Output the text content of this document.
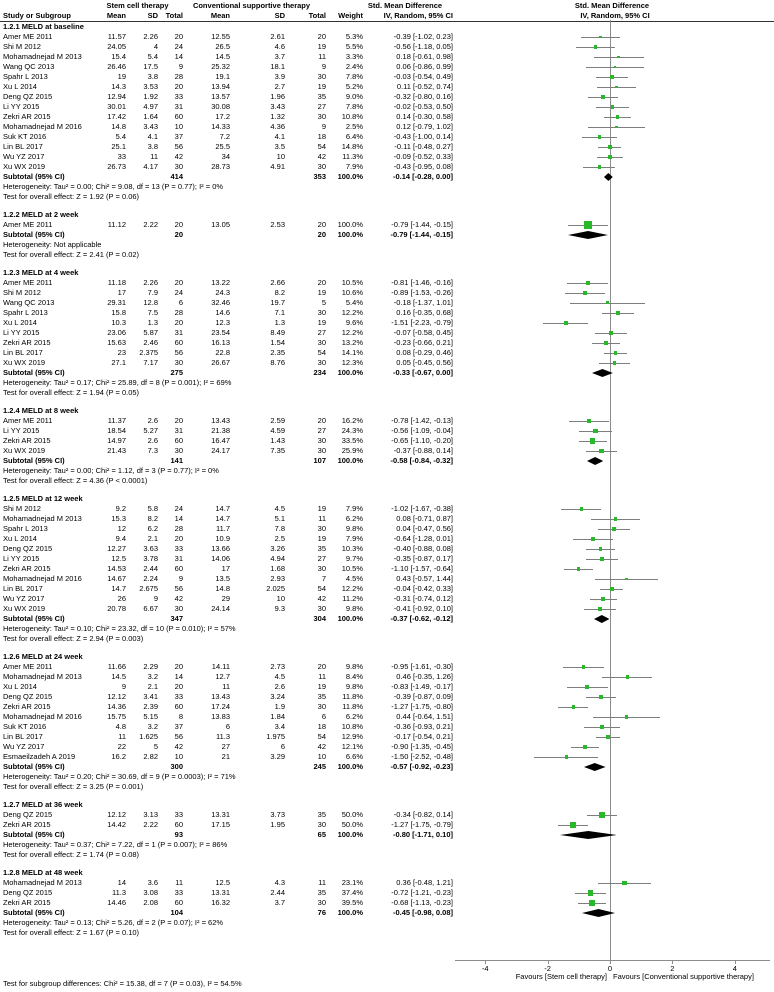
Stem cell therapy	Conventional supportive therapy	Std. Mean Difference	Std. Mean Difference
Study or Subgroup	Mean	SD	Total	Mean	SD	Total	Weight	IV, Random, 95% CI	IV, Random, 95% CI
1.2.1 MELD at baseline
Amer ME 2011	11.57	2.26	20	12.55	2.61	20	5.3%	-0.39 [-1.02, 0.23]
Shi M 2012	24.05	4	24	26.5	4.6	19	5.5%	-0.56 [-1.18, 0.05]
Mohamadnejad M 2013	15.4	5.4	14	14.5	3.7	11	3.3%	0.18 [-0.61, 0.98]
Wang QC 2013	26.46	17.5	9	25.32	18.1	9	2.4%	0.06 [-0.86, 0.99]
Spahr L 2013	19	3.8	28	19.1	3.9	30	7.8%	-0.03 [-0.54, 0.49]
Xu L 2014	14.3	3.53	20	13.94	2.7	19	5.2%	0.11 [-0.52, 0.74]
Deng QZ 2015	12.94	1.92	33	13.57	1.96	35	9.0%	-0.32 [-0.80, 0.16]
Li YY 2015	30.01	4.97	31	30.08	3.43	27	7.8%	-0.02 [-0.53, 0.50]
Zekri AR 2015	17.42	1.64	60	17.2	1.32	30	10.8%	0.14 [-0.30, 0.58]
Mohamadnejad M 2016	14.8	3.43	10	14.33	4.36	9	2.5%	0.12 [-0.79, 1.02]
Suk KT 2016	5.4	4.1	37	7.2	4.1	18	6.4%	-0.43 [-1.00, 0.14]
Lin BL 2017	25.1	3.8	56	25.5	3.5	54	14.8%	-0.11 [-0.48, 0.27]
Wu YZ 2017	33	11	42	34	10	42	11.3%	-0.09 [-0.52, 0.33]
Xu WX 2019	26.73	4.17	30	28.73	4.91	30	7.9%	-0.43 [-0.95, 0.08]
Subtotal (95% CI)	414	353	100.0%	-0.14 [-0.28, 0.00]
Heterogeneity: Tau² = 0.00; Chi² = 9.08, df = 13 (P = 0.77); I² = 0%
Test for overall effect: Z = 1.92 (P = 0.06)
1.2.2 MELD at 2 week
Amer ME 2011	11.12	2.22	20	13.05	2.53	20	100.0%	-0.79 [-1.44, -0.15]
Subtotal (95% CI)	20	20	100.0%	-0.79 [-1.44, -0.15]
Heterogeneity: Not applicable
Test for overall effect: Z = 2.41 (P = 0.02)
1.2.3 MELD at 4 week
Amer ME 2011	11.18	2.26	20	13.22	2.66	20	10.5%	-0.81 [-1.46, -0.16]
Shi M 2012	17	7.9	24	24.3	8.2	19	10.6%	-0.89 [-1.53, -0.26]
Wang QC 2013	29.31	12.8	6	32.46	19.7	5	5.4%	-0.18 [-1.37, 1.01]
Spahr L 2013	15.8	7.5	28	14.6	7.1	30	12.2%	0.16 [-0.35, 0.68]
Xu L 2014	10.3	1.3	20	12.3	1.3	19	9.6%	-1.51 [-2.23, -0.79]
Li YY 2015	23.06	5.87	31	23.54	8.49	27	12.2%	-0.07 [-0.58, 0.45]
Zekri AR 2015	15.63	2.46	60	16.13	1.54	30	13.2%	-0.23 [-0.66, 0.21]
Lin BL 2017	23	2.375	56	22.8	2.35	54	14.1%	0.08 [-0.29, 0.46]
Xu WX 2019	27.1	7.17	30	26.67	8.76	30	12.3%	0.05 [-0.45, 0.56]
Subtotal (95% CI)	275	234	100.0%	-0.33 [-0.67, 0.00]
Heterogeneity: Tau² = 0.17; Chi² = 25.89, df = 8 (P = 0.001); I² = 69%
Test for overall effect: Z = 1.94 (P = 0.05)
1.2.4 MELD at 8 week
Amer ME 2011	11.37	2.6	20	13.43	2.59	20	16.2%	-0.78 [-1.42, -0.13]
Li YY 2015	18.54	5.27	31	21.38	4.59	27	24.3%	-0.56 [-1.09, -0.04]
Zekri AR 2015	14.97	2.6	60	16.47	1.43	30	33.5%	-0.65 [-1.10, -0.20]
Xu WX 2019	21.43	7.3	30	24.17	7.35	30	25.9%	-0.37 [-0.88, 0.14]
Subtotal (95% CI)	141	107	100.0%	-0.58 [-0.84, -0.32]
Heterogeneity: Tau² = 0.00; Chi² = 1.12, df = 3 (P = 0.77); I² = 0%
Test for overall effect: Z = 4.36 (P < 0.0001)
1.2.5 MELD at 12 week
Shi M 2012	9.2	5.8	24	14.7	4.5	19	7.9%	-1.02 [-1.67, -0.38]
Mohamadnejad M 2013	15.3	8.2	14	14.7	5.1	11	6.2%	0.08 [-0.71, 0.87]
Spahr L 2013	12	6.2	28	11.7	7.8	30	9.8%	0.04 [-0.47, 0.56]
Xu L 2014	9.4	2.1	20	10.9	2.5	19	7.9%	-0.64 [-1.28, 0.01]
Deng QZ 2015	12.27	3.63	33	13.66	3.26	35	10.3%	-0.40 [-0.88, 0.08]
Li YY 2015	12.5	3.78	31	14.06	4.94	27	9.7%	-0.35 [-0.87, 0.17]
Zekri AR 2015	14.53	2.44	60	17	1.68	30	10.5%	-1.10 [-1.57, -0.64]
Mohamadnejad M 2016	14.67	2.24	9	13.5	2.93	7	4.5%	0.43 [-0.57, 1.44]
Lin BL 2017	14.7	2.675	56	14.8	2.025	54	12.2%	-0.04 [-0.42, 0.33]
Wu YZ 2017	26	9	42	29	10	42	11.2%	-0.31 [-0.74, 0.12]
Xu WX 2019	20.78	6.67	30	24.14	9.3	30	9.8%	-0.41 [-0.92, 0.10]
Subtotal (95% CI)	347	304	100.0%	-0.37 [-0.62, -0.12]
Heterogeneity: Tau² = 0.10; Chi² = 23.32, df = 10 (P = 0.010); I² = 57%
Test for overall effect: Z = 2.94 (P = 0.003)
1.2.6 MELD at 24 week
Amer ME 2011	11.66	2.29	20	14.11	2.73	20	9.8%	-0.95 [-1.61, -0.30]
Mohamadnejad M 2013	14.5	3.2	14	12.7	4.5	11	8.4%	0.46 [-0.35, 1.26]
Xu L 2014	9	2.1	20	11	2.6	19	9.8%	-0.83 [-1.49, -0.17]
Deng QZ 2015	12.12	3.41	33	13.43	3.24	35	11.8%	-0.39 [-0.87, 0.09]
Zekri AR 2015	14.36	2.39	60	17.24	1.9	30	11.8%	-1.27 [-1.75, -0.80]
Mohamadnejad M 2016	15.75	5.15	8	13.83	1.84	6	6.2%	0.44 [-0.64, 1.51]
Suk KT 2016	4.8	3.2	37	6	3.4	18	10.8%	-0.36 [-0.93, 0.21]
Lin BL 2017	11	1.625	56	11.3	1.975	54	12.9%	-0.17 [-0.54, 0.21]
Wu YZ 2017	22	5	42	27	6	42	12.1%	-0.90 [-1.35, -0.45]
Esmaeilzadeh A 2019	16.2	2.82	10	21	3.29	10	6.6%	-1.50 [-2.52, -0.48]
Subtotal (95% CI)	300	245	100.0%	-0.57 [-0.92, -0.23]
Heterogeneity: Tau² = 0.20; Chi² = 30.69, df = 9 (P = 0.0003); I² = 71%
Test for overall effect: Z = 3.25 (P = 0.001)
1.2.7 MELD at 36 week
Deng QZ 2015	12.12	3.13	33	13.31	3.73	35	50.0%	-0.34 [-0.82, 0.14]
Zekri AR 2015	14.42	2.22	60	17.15	1.95	30	50.0%	-1.27 [-1.75, -0.79]
Subtotal (95% CI)	93	65	100.0%	-0.80 [-1.71, 0.10]
Heterogeneity: Tau² = 0.37; Chi² = 7.22, df = 1 (P = 0.007); I² = 86%
Test for overall effect: Z = 1.74 (P = 0.08)
1.2.8 MELD at 48 week
Mohamadnejad M 2013	14	3.6	11	12.5	4.3	11	23.1%	0.36 [-0.48, 1.21]
Deng QZ 2015	11.3	3.08	33	13.31	2.44	35	37.4%	-0.72 [-1.21, -0.23]
Zekri AR 2015	14.46	2.08	60	16.32	3.7	30	39.5%	-0.68 [-1.13, -0.23]
Subtotal (95% CI)	104	76	100.0%	-0.45 [-0.98, 0.08]
Heterogeneity: Tau² = 0.13; Chi² = 5.26, df = 2 (P = 0.07); I² = 62%
Test for overall effect: Z = 1.67 (P = 0.10)
-4	-2	0	2	4
Favours [Stem cell therapy] Favours [Conventional supportive therapy]
Test for subgroup differences: Chi² = 15.38, df = 7 (P = 0.03), I² = 54.5%
